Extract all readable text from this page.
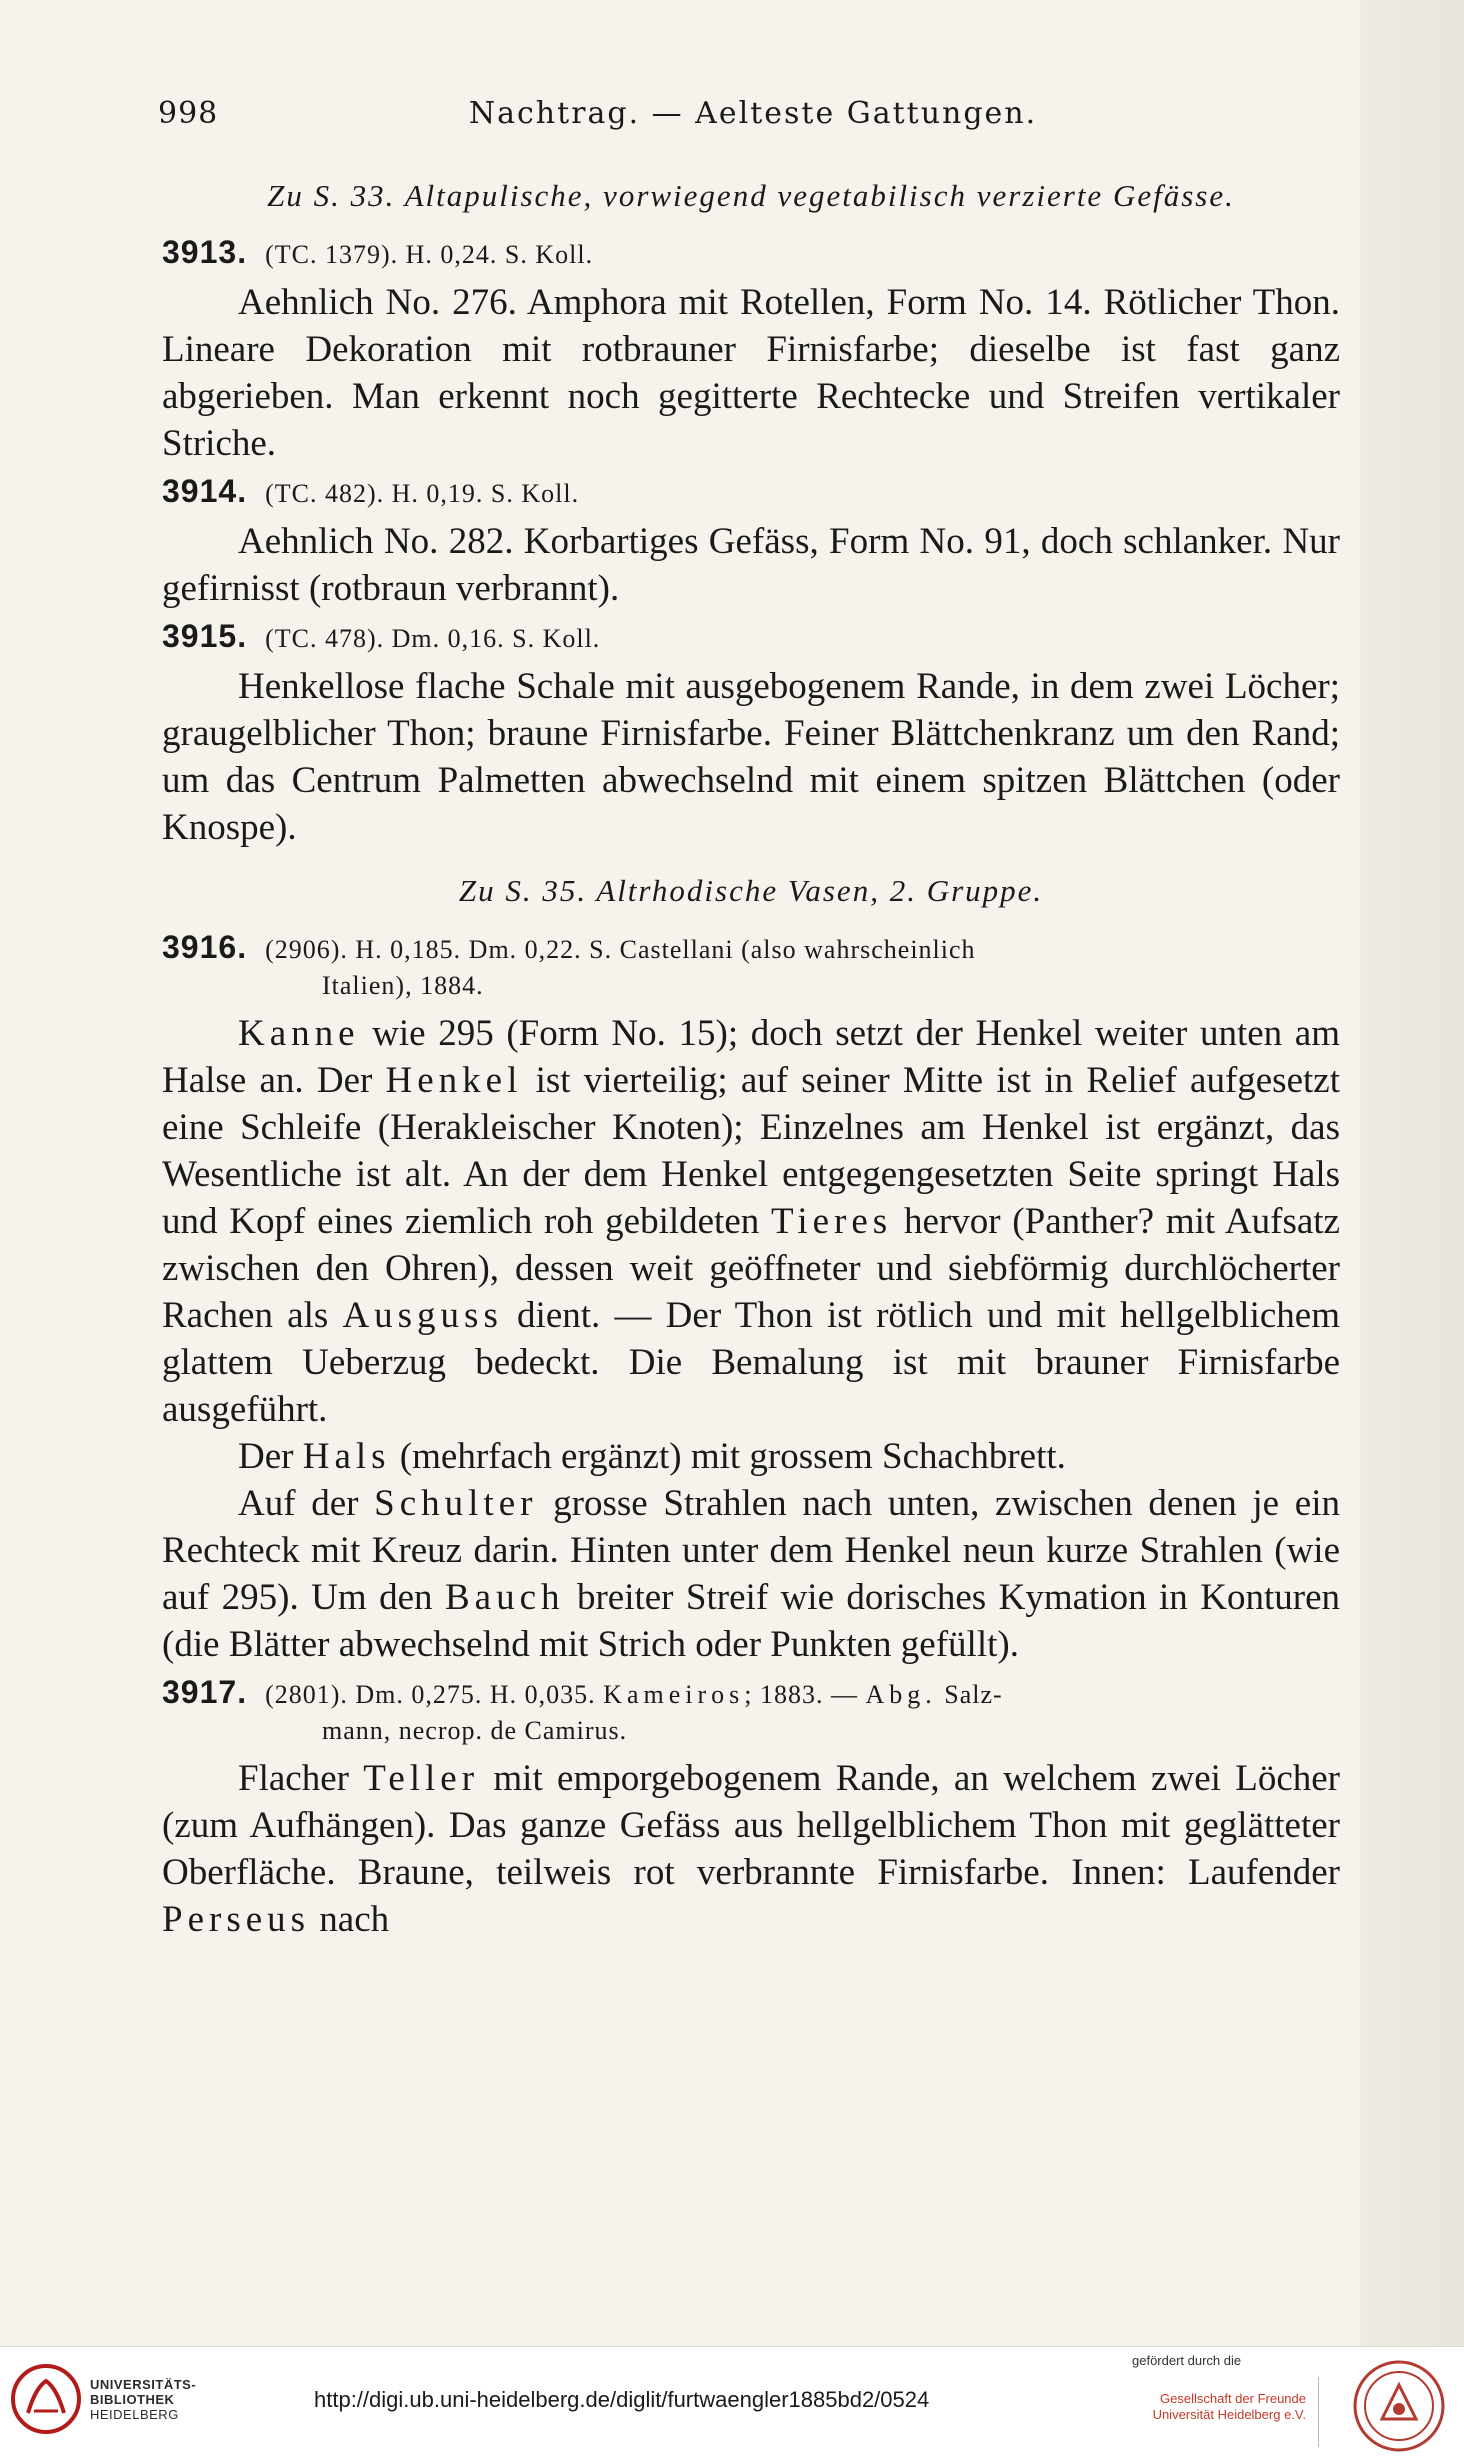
998	Nachtrag. — Aelteste Gattungen.
Zu S. 33. Altapulische, vorwiegend vegetabilisch verzierte Gefässe.
3913. (TC. 1379). H. 0,24. S. Koll.

Aehnlich No. 276. Amphora mit Rotellen, Form No. 14. Rötlicher Thon. Lineare Dekoration mit rotbrauner Firnisfarbe; dieselbe ist fast ganz abgerieben. Man erkennt noch gegitterte Rechtecke und Streifen vertikaler Striche.

3914. (TC. 482). H. 0,19. S. Koll.

Aehnlich No. 282. Korbartiges Gefäss, Form No. 91, doch schlanker. Nur gefirnisst (rotbraun verbrannt).

3915. (TC. 478). Dm. 0,16. S. Koll.

Henkellose flache Schale mit ausgebogenem Rande, in dem zwei Löcher; graugelblicher Thon; braune Firnisfarbe. Feiner Blättchenkranz um den Rand; um das Centrum Palmetten abwechselnd mit einem spitzen Blättchen (oder Knospe).

Zu S. 35. Altrhodische Vasen, 2. Gruppe.
3916. (2906). H. 0,185. Dm. 0,22. S. Castellani (also wahrscheinlich
Italien), 1884.

Kanne wie 295 (Form No. 15); doch setzt der Henkel weiter unten am Halse an. Der Henkel ist vierteilig; auf seiner Mitte ist in Relief aufgesetzt eine Schleife (Herakleischer Knoten); Einzelnes am Henkel ist ergänzt, das Wesentliche ist alt. An der dem Henkel entgegengesetzten Seite springt Hals und Kopf eines ziemlich roh gebildeten Tieres hervor (Panther? mit Aufsatz zwischen den Ohren), dessen weit geöffneter und siebförmig durchlöcherter Rachen als Ausguss dient. — Der Thon ist rötlich und mit hellgelblichem glattem Ueberzug bedeckt. Die Bemalung ist mit brauner Firnisfarbe ausgeführt.

Der Hals (mehrfach ergänzt) mit grossem Schachbrett.

Auf der Schulter grosse Strahlen nach unten, zwischen denen je ein Rechteck mit Kreuz darin. Hinten unter dem Henkel neun kurze Strahlen (wie auf 295). Um den Bauch breiter Streif wie dorisches Kymation in Konturen (die Blätter abwechselnd mit Strich oder Punkten gefüllt).

3917. (2801). Dm. 0,275. H. 0,035. Kameiros; 1883. — Abg. Salz-
mann, necrop. de Camirus.

Flacher Teller mit emporgebogenem Rande, an welchem zwei Löcher (zum Aufhängen). Das ganze Gefäss aus hellgelblichem Thon mit geglätteter Oberfläche. Braune, teilweis rot verbrannte Firnisfarbe. Innen: Laufender Perseus nach

UNIVERSITÄTS-
BIBLIOTHEK
HEIDELBERG
http://digi.ub.uni-heidelberg.de/diglit/furtwaengler1885bd2/0524
gefördert durch die
Gesellschaft der Freunde
Universität Heidelberg e.V.
